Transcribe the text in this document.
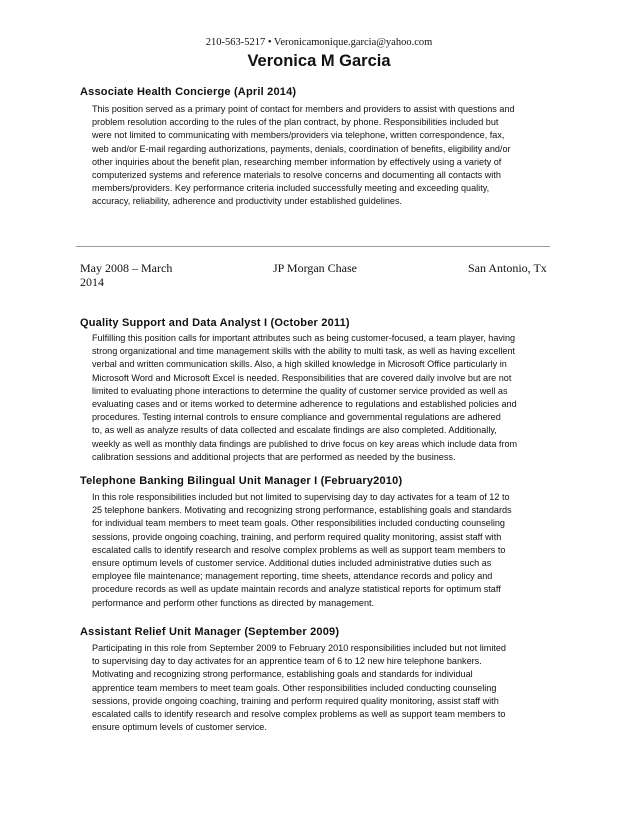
210-563-5217 • Veronicamonique.garcia@yahoo.com
Veronica M Garcia
Associate Health Concierge (April 2014)
This position served as a primary point of contact for members and providers to assist with questions and
problem resolution according to the rules of the plan contract, by phone. Responsibilities included but
were not limited to communicating with members/providers via telephone, written correspondence, fax,
web and/or E-mail regarding authorizations, payments, denials, coordination of benefits, eligibility and/or
other inquiries about the benefit plan, researching member information by effectively using a variety of
computerized systems and reference materials to resolve concerns and documenting all contacts with
members/providers. Key performance criteria included successfully meeting and exceeding quality,
accuracy, reliability, adherence and productivity under established guidelines.
May 2008 – March 2014
JP Morgan Chase	San Antonio, Tx
Quality Support and Data Analyst I (October 2011)
Fulfilling this position calls for important attributes such as being customer-focused, a team player, having
strong organizational and time management skills with the ability to multi task, as well as having excellent
verbal and written communication skills. Also, a high skilled knowledge in Microsoft Office particularly in
Microsoft Word and Microsoft Excel is needed. Responsibilities that are covered daily involve but are not
limited to evaluating phone interactions to determine the quality of customer service provided as well as
evaluating cases and or items worked to determine adherence to regulations and established policies and
procedures. Testing internal controls to ensure compliance and governmental regulations are adhered
to, as well as analyze results of data collected and escalate findings are also completed. Additionally,
weekly as well as monthly data findings are published to drive focus on key areas which include data from
calibration sessions and additional projects that are performed as needed by the business.
Telephone Banking Bilingual Unit Manager I (February2010)
In this role responsibilities included but not limited to supervising day to day activates for a team of 12 to
25 telephone bankers. Motivating and recognizing strong performance, establishing goals and standards
for individual team members to meet team goals. Other responsibilities included conducting counseling
sessions, provide ongoing coaching, training, and perform required quality monitoring, assist staff with
escalated calls to identify research and resolve complex problems as well as support team members to
ensure optimum levels of customer service. Additional duties included administrative duties such as
employee file maintenance; management reporting, time sheets, attendance records and policy and
procedure records as well as update maintain records and analyze statistical reports for optimum staff
performance and perform other functions as directed by management.
Assistant Relief Unit Manager (September 2009)
Participating in this role from September 2009 to February 2010 responsibilities included but not limited
to supervising day to day activates for an apprentice team of 6 to 12 new hire telephone bankers.
Motivating and recognizing strong performance, establishing goals and standards for individual
apprentice team members to meet team goals. Other responsibilities included conducting counseling
sessions, provide ongoing coaching, training and perform required quality monitoring, assist staff with
escalated calls to identify research and resolve complex problems as well as support team members to
ensure optimum levels of customer service.
